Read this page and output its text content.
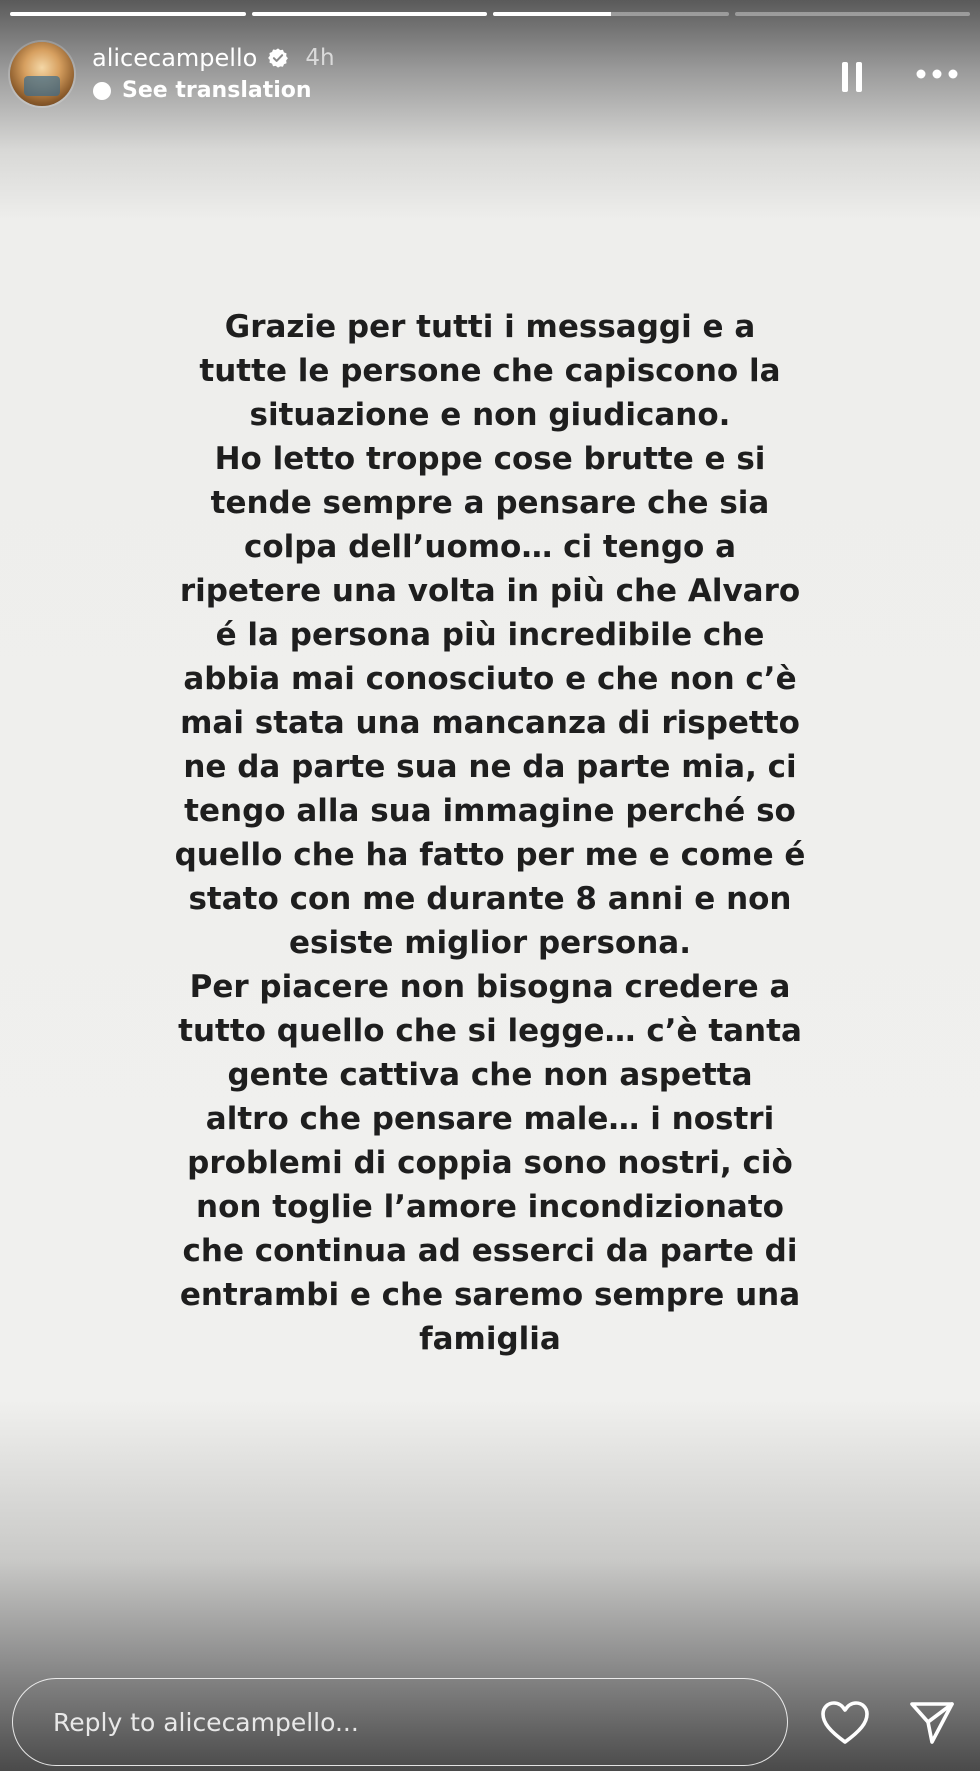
alicecampello 4h
See translation
Grazie per tutti i messaggi e a
tutte le persone che capiscono la
situazione e non giudicano.
Ho letto troppe cose brutte e si
tende sempre a pensare che sia
colpa dell’uomo… ci tengo a
ripetere una volta in più che Alvaro
é la persona più incredibile che
abbia mai conosciuto e che non c’è
mai stata una mancanza di rispetto
ne da parte sua ne da parte mia, ci
tengo alla sua immagine perché so
quello che ha fatto per me e come é
stato con me durante 8 anni e non
esiste miglior persona.
Per piacere non bisogna credere a
tutto quello che si legge… c’è tanta
gente cattiva che non aspetta
altro che pensare male… i nostri
problemi di coppia sono nostri, ciò
non toglie l’amore incondizionato
che continua ad esserci da parte di
entrambi e che saremo sempre una
famiglia
Reply to alicecampello...
